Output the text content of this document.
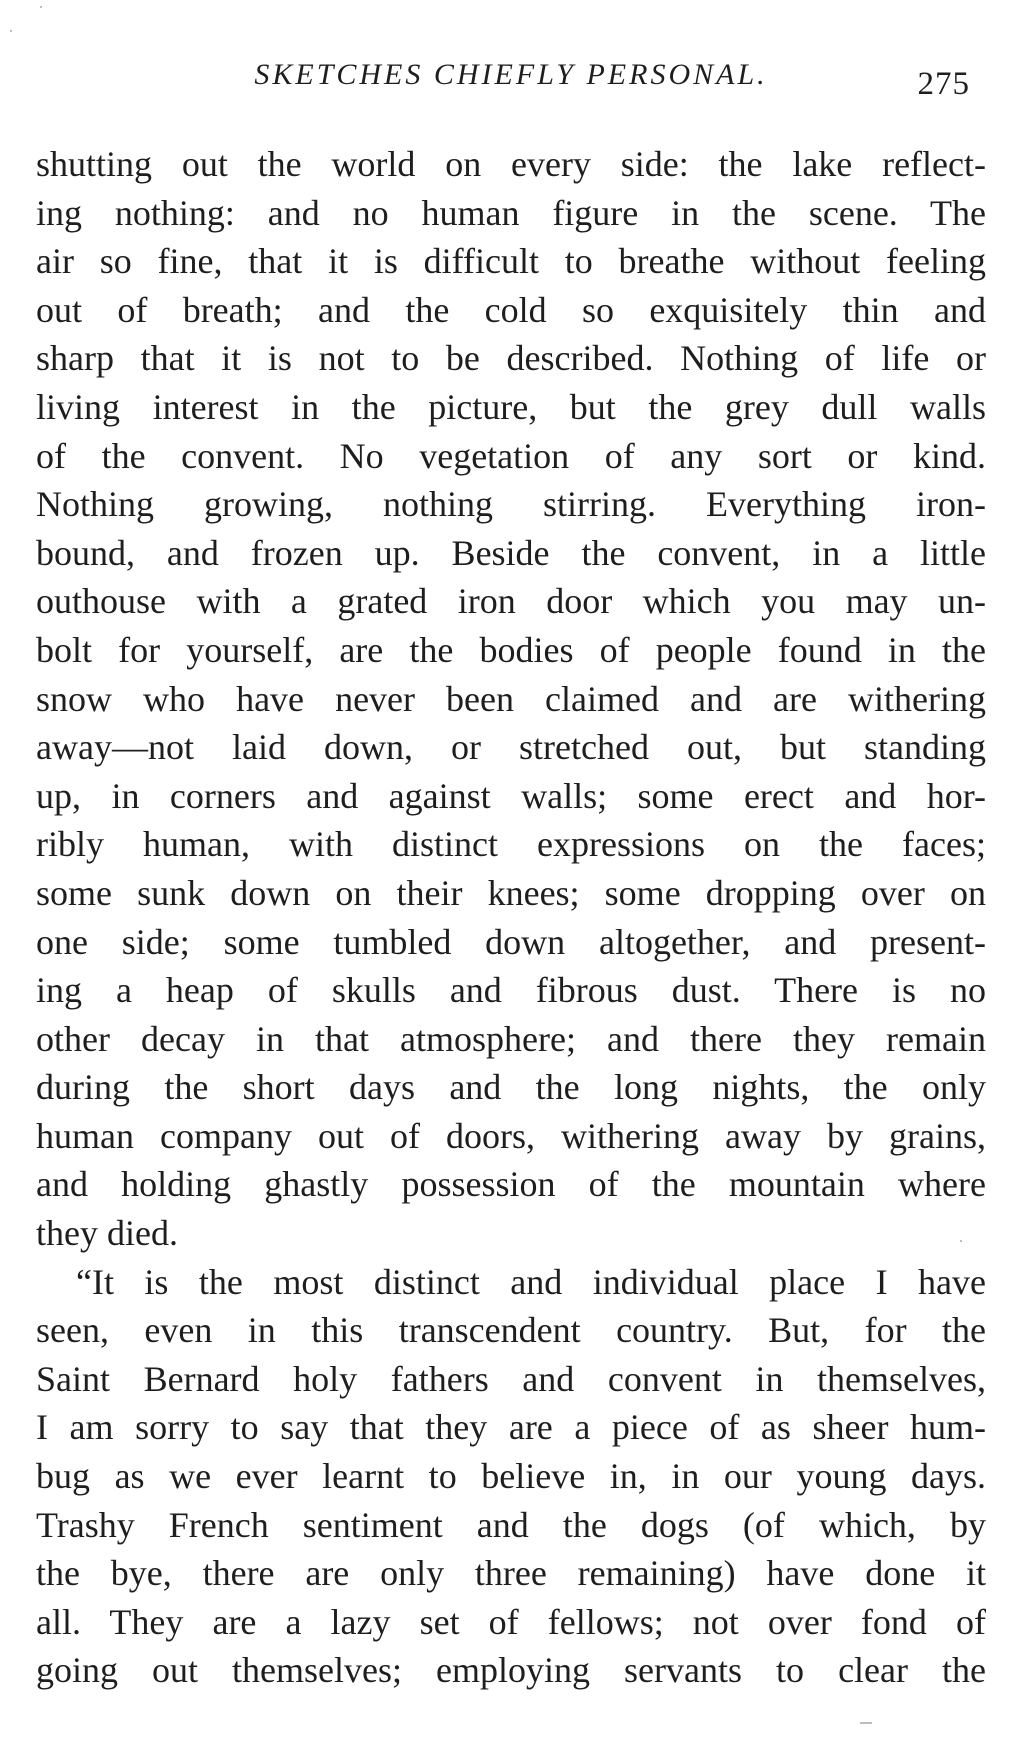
SKETCHES CHIEFLY PERSONAL.	275
shutting out the world on every side: the lake reflect-
ing nothing: and no human figure in the scene. The
air so fine, that it is difficult to breathe without feeling
out of breath; and the cold so exquisitely thin and
sharp that it is not to be described. Nothing of life or
living interest in the picture, but the grey dull walls
of the convent. No vegetation of any sort or kind.
Nothing growing, nothing stirring. Everything iron-
bound, and frozen up. Beside the convent, in a little
outhouse with a grated iron door which you may un-
bolt for yourself, are the bodies of people found in the
snow who have never been claimed and are withering
away—not laid down, or stretched out, but standing
up, in corners and against walls; some erect and hor-
ribly human, with distinct expressions on the faces;
some sunk down on their knees; some dropping over on
one side; some tumbled down altogether, and present-
ing a heap of skulls and fibrous dust. There is no
other decay in that atmosphere; and there they remain
during the short days and the long nights, the only
human company out of doors, withering away by grains,
and holding ghastly possession of the mountain where
they died.
“It is the most distinct and individual place I have
seen, even in this transcendent country. But, for the
Saint Bernard holy fathers and convent in themselves,
I am sorry to say that they are a piece of as sheer hum-
bug as we ever learnt to believe in, in our young days.
Trashy French sentiment and the dogs (of which, by
the bye, there are only three remaining) have done it
all. They are a lazy set of fellows; not over fond of
going out themselves; employing servants to clear the
